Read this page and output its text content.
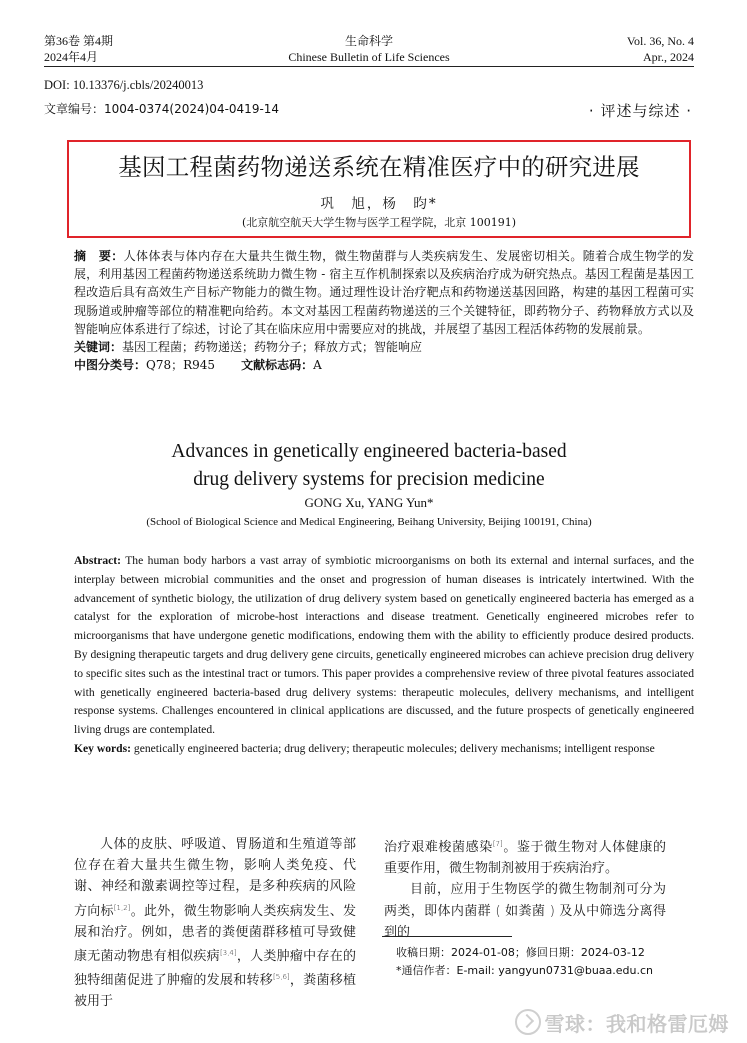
第36卷 第4期
2024年4月
生命科学
Chinese Bulletin of Life Sciences
Vol. 36, No. 4
Apr., 2024
DOI: 10.13376/j.cbls/20240013
文章编号：1004-0374(2024)04-0419-14	· 评述与综述 ·
基因工程菌药物递送系统在精准医疗中的研究进展
巩　旭，杨　昀*
(北京航空航天大学生物与医学工程学院，北京 100191)
摘　要：人体体表与体内存在大量共生微生物，微生物菌群与人类疾病发生、发展密切相关。随着合成生物学的发展，利用基因工程菌药物递送系统助力微生物 - 宿主互作机制探索以及疾病治疗成为研究热点。基因工程菌是基因工程改造后具有高效生产目标产物能力的微生物。通过理性设计治疗靶点和药物递送基因回路，构建的基因工程菌可实现肠道或肿瘤等部位的精准靶向给药。本文对基因工程菌药物递送的三个关键特征，即药物分子、药物释放方式以及智能响应体系进行了综述，讨论了其在临床应用中需要应对的挑战，并展望了基因工程活体药物的发展前景。
关键词：基因工程菌；药物递送；药物分子；释放方式；智能响应
中图分类号：Q78；R945 文献标志码：A
Advances in genetically engineered bacteria-based
drug delivery systems for precision medicine
GONG Xu, YANG Yun*
(School of Biological Science and Medical Engineering, Beihang University, Beijing 100191, China)
Abstract: The human body harbors a vast array of symbiotic microorganisms on both its external and internal surfaces, and the interplay between microbial communities and the onset and progression of human diseases is intricately intertwined. With the advancement of synthetic biology, the utilization of drug delivery system based on genetically engineered bacteria has emerged as a catalyst for the exploration of microbe-host interactions and disease treatment. Genetically engineered microbes refer to microorganisms that have undergone genetic modifications, endowing them with the ability to efficiently produce desired products. By designing therapeutic targets and drug delivery gene circuits, genetically engineered microbes can achieve precision drug delivery to specific sites such as the intestinal tract or tumors. This paper provides a comprehensive review of three pivotal features associated with genetically engineered bacteria-based drug delivery systems: therapeutic molecules, delivery mechanisms, and intelligent response systems. Challenges encountered in clinical applications are discussed, and the future prospects of genetically engineered living drugs are contemplated.
Key words: genetically engineered bacteria; drug delivery; therapeutic molecules; delivery mechanisms; intelligent response

人体的皮肤、呼吸道、胃肠道和生殖道等部位存在着大量共生微生物，影响人类免疫、代谢、神经和激素调控等过程，是多种疾病的风险方向标[1,2]。此外，微生物影响人类疾病发生、发展和治疗。例如，患者的粪便菌群移植可导致健康无菌动物患有相似疾病[3,4]，人类肿瘤中存在的独特细菌促进了肿瘤的发展和转移[5,6]，粪菌移植被用于

治疗艰难梭菌感染[7]。鉴于微生物对人体健康的重要作用，微生物制剂被用于疾病治疗。

目前，应用于生物医学的微生物制剂可分为两类，即体内菌群 ( 如粪菌 ) 及从中筛选分离得到的

收稿日期：2024-01-08；修回日期：2024-03-12
*通信作者：E-mail: yangyun0731@buaa.edu.cn
雪球：我和格雷厄姆
